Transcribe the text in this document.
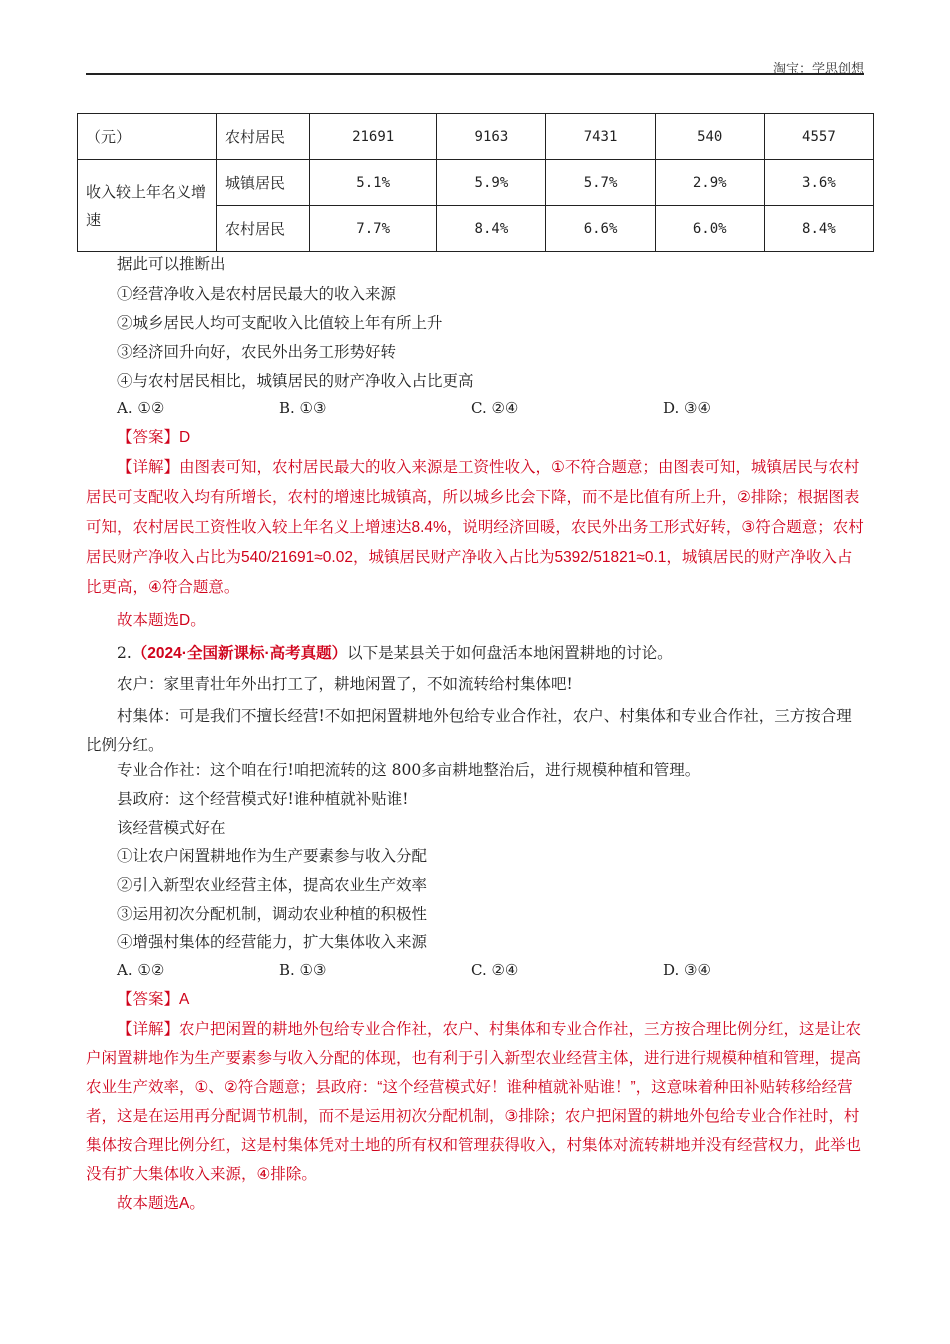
淘宝：学思创想
（元）	农村居民	21691	9163	7431	540	4557
收入较上年名义增速	城镇居民	5.1%	5.9%	5.7%	2.9%	3.6%
	农村居民	7.7%	8.4%	6.6%	6.0%	8.4%
据此可以推断出
①经营净收入是农村居民最大的收入来源
②城乡居民人均可支配收入比值较上年有所上升
③经济回升向好，农民外出务工形势好转
④与农村居民相比，城镇居民的财产净收入占比更高
A. ①②	B. ①③	C. ②④	D. ③④
【答案】D
【详解】由图表可知，农村居民最大的收入来源是工资性收入，①不符合题意；由图表可知，城镇居民与农村居民可支配收入均有所增长，农村的增速比城镇高，所以城乡比会下降，而不是比值有所上升，②排除；根据图表可知，农村居民工资性收入较上年名义上增速达8.4%，说明经济回暖，农民外出务工形式好转，③符合题意；农村居民财产净收入占比为540/21691≈0.02，城镇居民财产净收入占比为5392/51821≈0.1，城镇居民的财产净收入占比更高，④符合题意。
故本题选D。
2.（2024·全国新课标·高考真题）以下是某县关于如何盘活本地闲置耕地的讨论。
农户：家里青壮年外出打工了，耕地闲置了，不如流转给村集体吧!
村集体：可是我们不擅长经营!不如把闲置耕地外包给专业合作社，农户、村集体和专业合作社，三方按合理比例分红。
专业合作社：这个咱在行!咱把流转的这 800多亩耕地整治后，进行规模种植和管理。
县政府：这个经营模式好!谁种植就补贴谁!
该经营模式好在
①让农户闲置耕地作为生产要素参与收入分配
②引入新型农业经营主体，提高农业生产效率
③运用初次分配机制，调动农业种植的积极性
④增强村集体的经营能力，扩大集体收入来源
A. ①②	B. ①③	C. ②④	D. ③④
【答案】A
【详解】农户把闲置的耕地外包给专业合作社，农户、村集体和专业合作社，三方按合理比例分红，这是让农户闲置耕地作为生产要素参与收入分配的体现，也有利于引入新型农业经营主体，进行进行规模种植和管理，提高农业生产效率，①、②符合题意；县政府：“这个经营模式好！谁种植就补贴谁！”，这意味着种田补贴转移给经营者，这是在运用再分配调节机制，而不是运用初次分配机制，③排除；农户把闲置的耕地外包给专业合作社时，村集体按合理比例分红，这是村集体凭对土地的所有权和管理获得收入，村集体对流转耕地并没有经营权力，此举也没有扩大集体收入来源，④排除。
故本题选A。
